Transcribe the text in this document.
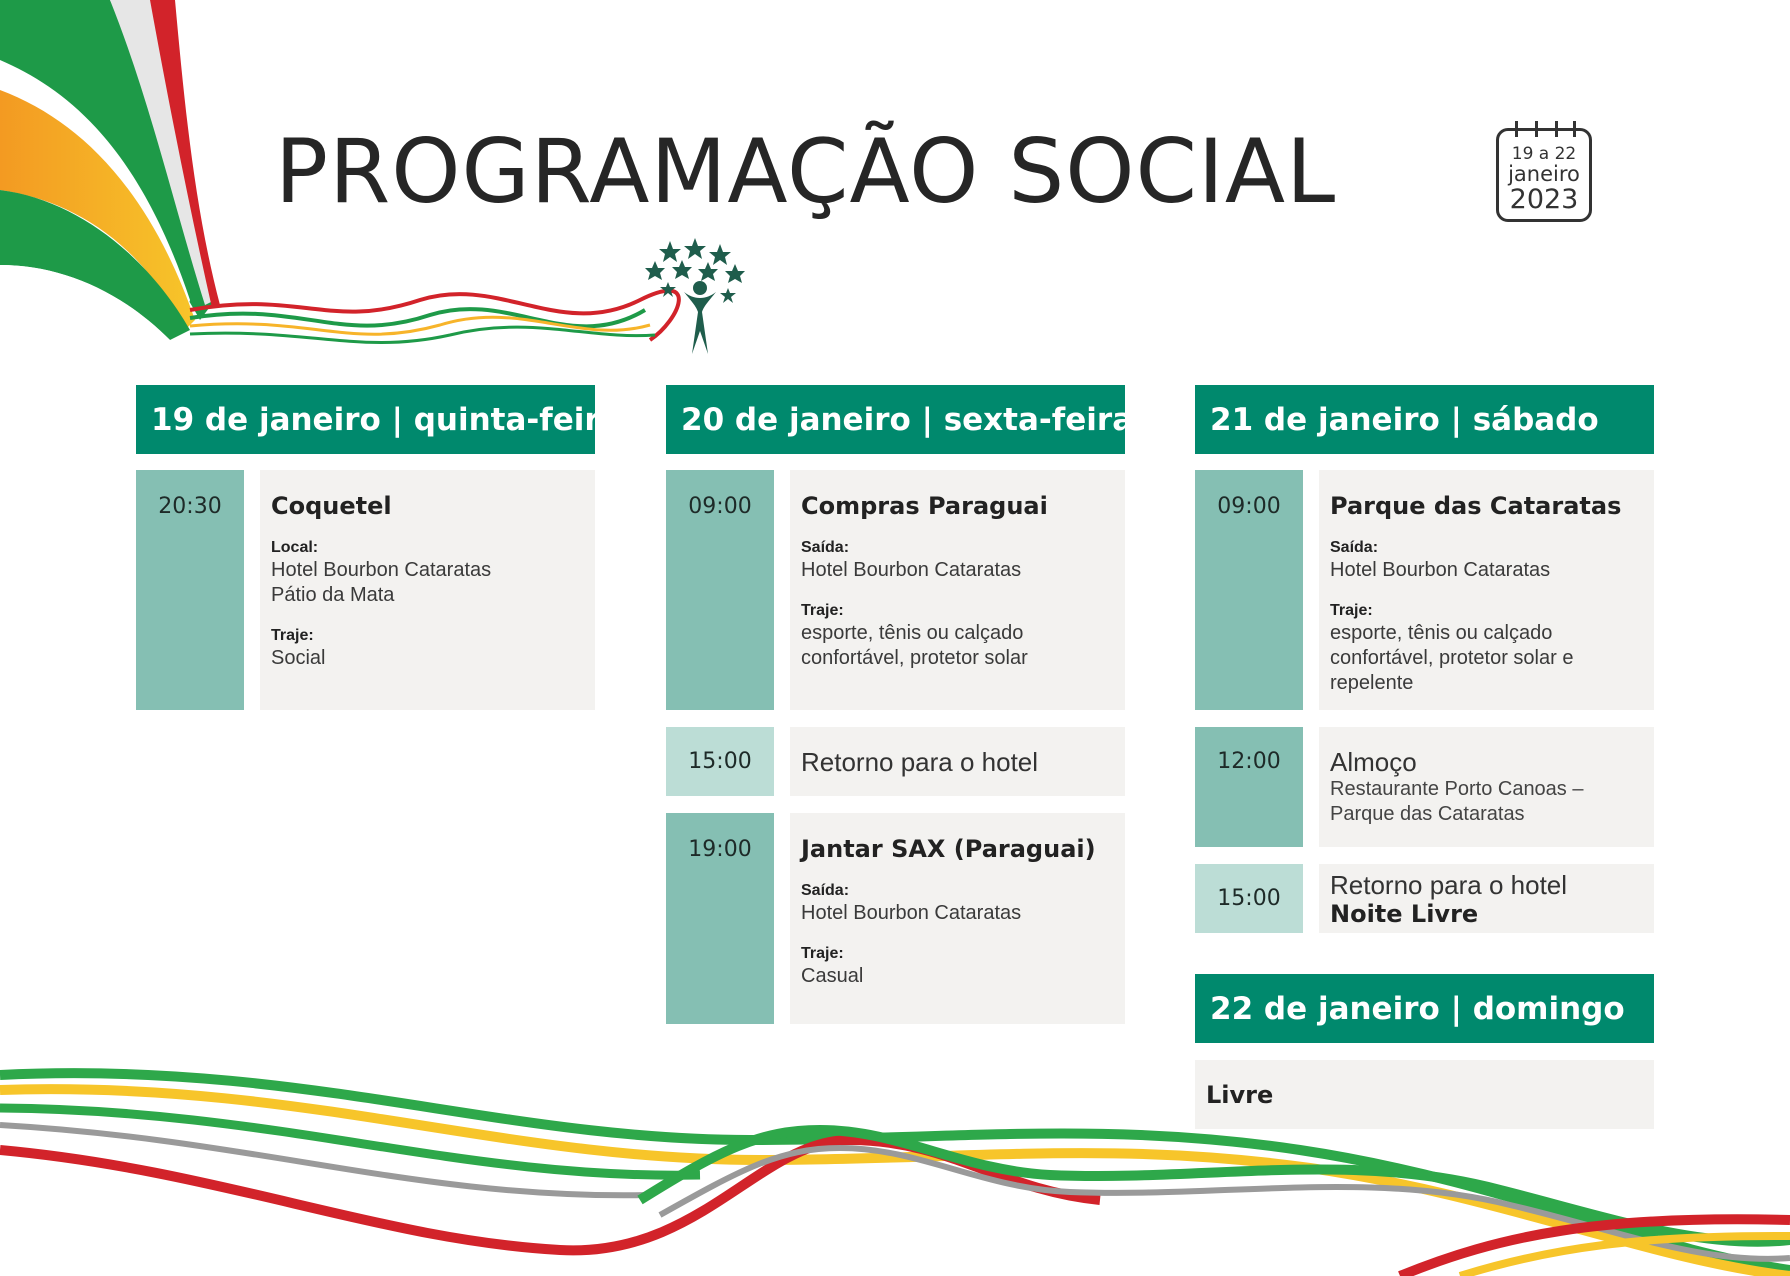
PROGRAMAÇÃO SOCIAL	19 a 22
janeiro
2023
19 de janeiro | quinta-feira
20:30	Coquetel

Local:

Hotel Bourbon Cataratas
Pátio da Mata

Traje:

Social

20 de janeiro | sexta-feira
09:00	Compras Paraguai

Saída:

Hotel Bourbon Cataratas

Traje:

esporte, tênis ou calçado
confortável, protetor solar

15:00	Retorno para o hotel

19:00	Jantar SAX (Paraguai)

Saída:

Hotel Bourbon Cataratas

Traje:

Casual

21 de janeiro | sábado
09:00	Parque das Cataratas

Saída:

Hotel Bourbon Cataratas

Traje:

esporte, tênis ou calçado
confortável, protetor solar e
repelente

12:00	Almoço

Restaurante Porto Canoas –
Parque das Cataratas

15:00	Retorno para o hotel

Noite Livre

22 de janeiro | domingo

Livre
